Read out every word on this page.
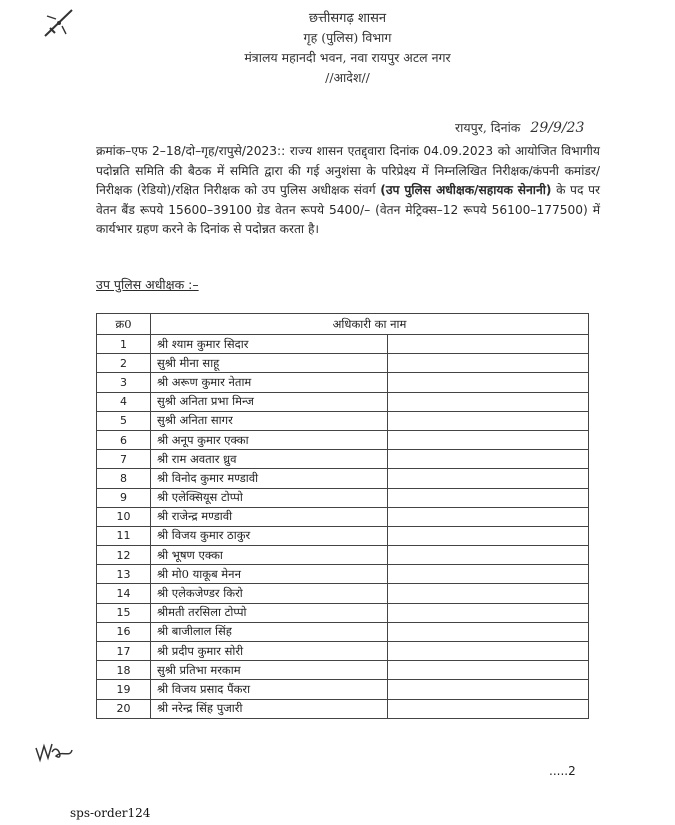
छत्तीसगढ़ शासन
गृह (पुलिस) विभाग
मंत्रालय महानदी भवन, नवा रायपुर अटल नगर
//आदेश//
रायपुर, दिनांक 29/9/23
क्रमांक–एफ 2–18/दो–गृह/रापुसे/2023:: राज्य शासन एतद्द्वारा दिनांक 04.09.2023 को आयोजित विभागीय पदोन्नति समिति की बैठक में समिति द्वारा की गई अनुशंसा के परिप्रेक्ष्य में निम्नलिखित निरीक्षक/कंपनी कमांडर/निरीक्षक (रेडियो)/रक्षित निरीक्षक को उप पुलिस अधीक्षक संवर्ग (उप पुलिस अधीक्षक/सहायक सेनानी) के पद पर वेतन बैंड रूपये 15600–39100 ग्रेड वेतन रूपये 5400/– (वेतन मेट्रिक्स–12 रूपये 56100–177500) में कार्यभार ग्रहण करने के दिनांक से पदोन्नत करता है।
उप पुलिस अधीक्षक :–
क्र0	अधिकारी का नाम	
1	श्री श्याम कुमार सिदार	
2	सुश्री मीना साहू	
3	श्री अरूण कुमार नेताम	
4	सुश्री अनिता प्रभा मिन्ज	
5	सुश्री अनिता सागर	
6	श्री अनूप कुमार एक्का	
7	श्री राम अवतार ध्रुव	
8	श्री विनोद कुमार मण्डावी	
9	श्री एलेक्सियूस टोप्पो	
10	श्री राजेन्द्र मण्डावी	
11	श्री विजय कुमार ठाकुर	
12	श्री भूषण एक्का	
13	श्री मो0 याकूब मेनन	
14	श्री एलेकजेण्डर किरो	
15	श्रीमती तरसिला टोप्पो	
16	श्री बाजीलाल सिंह	
17	श्री प्रदीप कुमार सोरी	
18	सुश्री प्रतिभा मरकाम	
19	श्री विजय प्रसाद पैंकरा	
20	श्री नरेन्द्र सिंह पुजारी	
.....2
sps-order124
